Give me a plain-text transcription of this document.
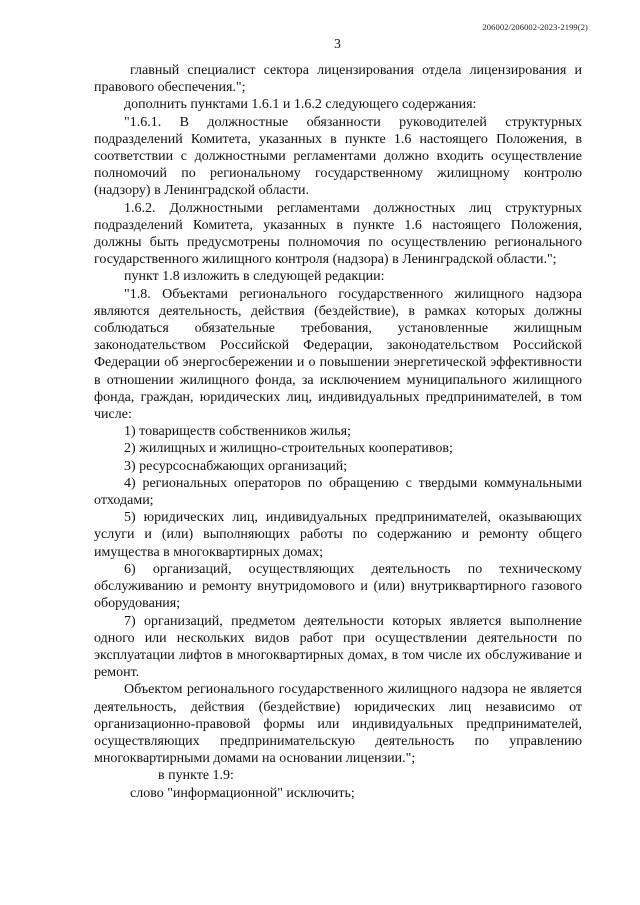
206002/206002-2023-2199(2)
3

главный специалист сектора лицензирования отдела лицензирования и правового обеспечения.";

дополнить пунктами 1.6.1 и 1.6.2 следующего содержания:

"1.6.1. В должностные обязанности руководителей структурных подразделений Комитета, указанных в пункте 1.6 настоящего Положения, в соответствии с должностными регламентами должно входить осуществление полномочий по региональному государственному жилищному контролю (надзору) в Ленинградской области.

1.6.2. Должностными регламентами должностных лиц структурных подразделений Комитета, указанных в пункте 1.6 настоящего Положения, должны быть предусмотрены полномочия по осуществлению регионального государственного жилищного контроля (надзора) в Ленинградской области.";

пункт 1.8 изложить в следующей редакции:

"1.8. Объектами регионального государственного жилищного надзора являются деятельность, действия (бездействие), в рамках которых должны соблюдаться обязательные требования, установленные жилищным законодательством Российской Федерации, законодательством Российской Федерации об энергосбережении и о повышении энергетической эффективности в отношении жилищного фонда, за исключением муниципального жилищного фонда, граждан, юридических лиц, индивидуальных предпринимателей, в том числе:

1) товариществ собственников жилья;

2) жилищных и жилищно-строительных кооперативов;

3) ресурсоснабжающих организаций;

4) региональных операторов по обращению с твердыми коммунальными отходами;

5) юридических лиц, индивидуальных предпринимателей, оказывающих услуги и (или) выполняющих работы по содержанию и ремонту общего имущества в многоквартирных домах;

6) организаций, осуществляющих деятельность по техническому обслуживанию и ремонту внутридомового и (или) внутриквартирного газового оборудования;

7) организаций, предметом деятельности которых является выполнение одного или нескольких видов работ при осуществлении деятельности по эксплуатации лифтов в многоквартирных домах, в том числе их обслуживание и ремонт.

Объектом регионального государственного жилищного надзора не является деятельность, действия (бездействие) юридических лиц независимо от организационно-правовой формы или индивидуальных предпринимателей, осуществляющих предпринимательскую деятельность по управлению многоквартирными домами на основании лицензии.";

в пункте 1.9:

слово "информационной" исключить;
